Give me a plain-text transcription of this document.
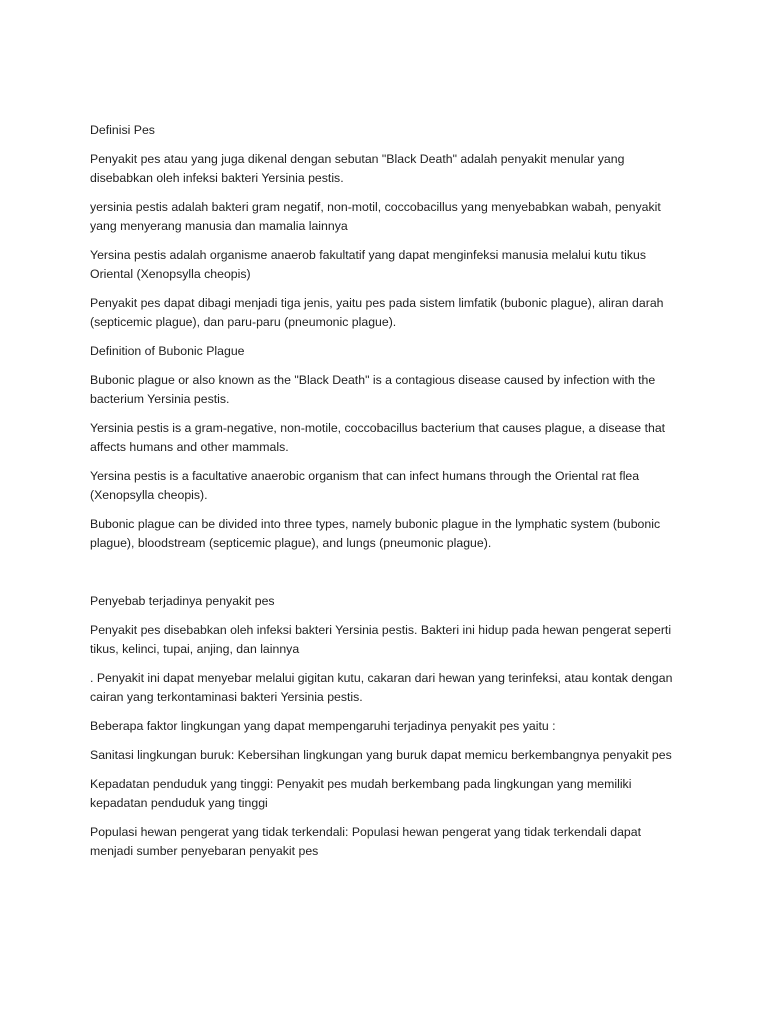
Definisi Pes

Penyakit pes atau yang juga dikenal dengan sebutan "Black Death" adalah penyakit menular yang disebabkan oleh infeksi bakteri Yersinia pestis.

yersinia pestis adalah bakteri gram negatif, non-motil, coccobacillus yang menyebabkan wabah, penyakit yang menyerang manusia dan mamalia lainnya

Yersina pestis adalah organisme anaerob fakultatif yang dapat menginfeksi manusia melalui kutu tikus Oriental (Xenopsylla cheopis)

Penyakit pes dapat dibagi menjadi tiga jenis, yaitu pes pada sistem limfatik (bubonic plague), aliran darah (septicemic plague), dan paru-paru (pneumonic plague).

Definition of Bubonic Plague

Bubonic plague or also known as the "Black Death" is a contagious disease caused by infection with the bacterium Yersinia pestis.

Yersinia pestis is a gram-negative, non-motile, coccobacillus bacterium that causes plague, a disease that affects humans and other mammals.

Yersina pestis is a facultative anaerobic organism that can infect humans through the Oriental rat flea (Xenopsylla cheopis).

Bubonic plague can be divided into three types, namely bubonic plague in the lymphatic system (bubonic plague), bloodstream (septicemic plague), and lungs (pneumonic plague).

Penyebab terjadinya penyakit pes

Penyakit pes disebabkan oleh infeksi bakteri Yersinia pestis. Bakteri ini hidup pada hewan pengerat seperti tikus, kelinci, tupai, anjing, dan lainnya

. Penyakit ini dapat menyebar melalui gigitan kutu, cakaran dari hewan yang terinfeksi, atau kontak dengan cairan yang terkontaminasi bakteri Yersinia pestis.

Beberapa faktor lingkungan yang dapat mempengaruhi terjadinya penyakit pes yaitu :

Sanitasi lingkungan buruk: Kebersihan lingkungan yang buruk dapat memicu berkembangnya penyakit pes

Kepadatan penduduk yang tinggi: Penyakit pes mudah berkembang pada lingkungan yang memiliki kepadatan penduduk yang tinggi

Populasi hewan pengerat yang tidak terkendali: Populasi hewan pengerat yang tidak terkendali dapat menjadi sumber penyebaran penyakit pes
